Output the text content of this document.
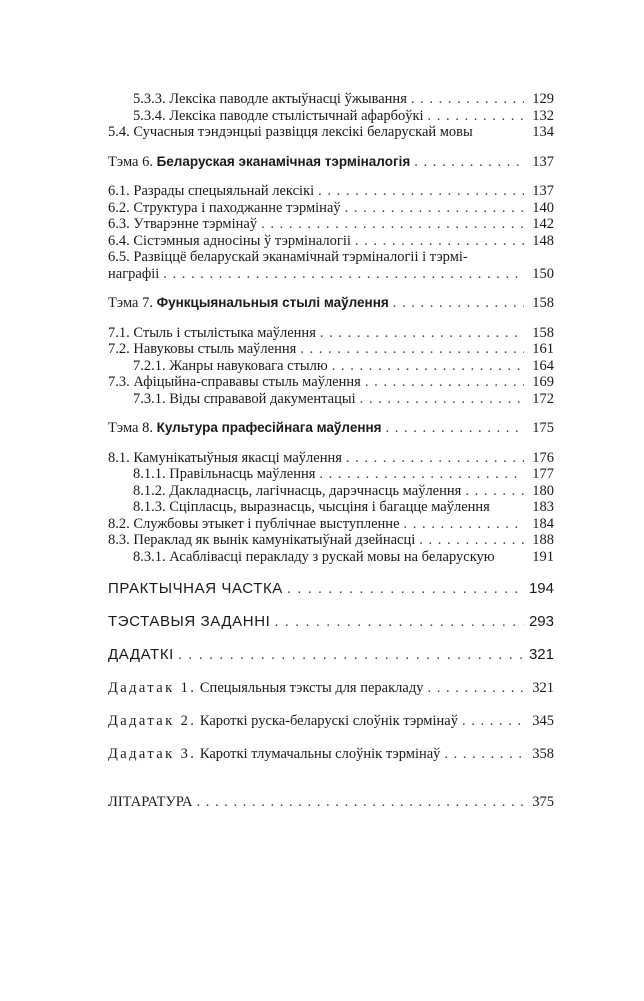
5.3.3. Лексіка паводле актыўнасці ўжывання . . .	129
5.3.4. Лексіка паводле стылістычнай афарбоўкі . . .	132
5.4. Сучасныя тэндэнцыі развіцця лексікі беларускай мовы	134
Тэма 6. Беларуская эканамічная тэрміналогія . . .	137
6.1. Разрады спецыяльнай лексікі . . .	137
6.2. Структура і паходжанне тэрмінаў . . .	140
6.3. Утварэнне тэрмінаў . . .	142
6.4. Сістэмныя адносіны ў тэрміналогіі . . .	148
6.5. Развіццё беларускай эканамічнай тэрміналогіі і тэрмі-
награфіі . . .	150
Тэма 7. Функцыянальныя стылі маўлення . . .	158
7.1. Стыль і стылістыка маўлення . . .	158
7.2. Навуковы стыль маўлення . . .	161
7.2.1. Жанры навуковага стылю . . .	164
7.3. Афіцыйна-справавы стыль маўлення . . .	169
7.3.1. Віды справавой дакументацыі . . .	172
Тэма 8. Культура прафесійнага маўлення . . .	175
8.1. Камунікатыўныя якасці маўлення . . .	176
8.1.1. Правільнасць маўлення . . .	177
8.1.2. Дакладнасць, лагічнасць, дарэчнасць маўлення . . .	180
8.1.3. Сціпласць, выразнасць, чысціня і багацце маўлення	183
8.2. Службовы этыкет і публічнае выступленне . . .	184
8.3. Пераклад як вынік камунікатыўнай дзейнасці . . .	188
8.3.1. Асаблівасці перакладу з рускай мовы на беларускую	191
ПРАКТЫЧНАЯ ЧАСТКА . . .	194
ТЭСТАВЫЯ ЗАДАННІ . . .	293
ДАДАТКІ . . .	321
Дадатак 1. Спецыяльныя тэксты для перакладу . . .	321
Дадатак 2. Кароткі руска-беларускі слоўнік тэрмінаў . . .	345
Дадатак 3. Кароткі тлумачальны слоўнік тэрмінаў . . .	358
ЛІТАРАТУРА . . .	375
